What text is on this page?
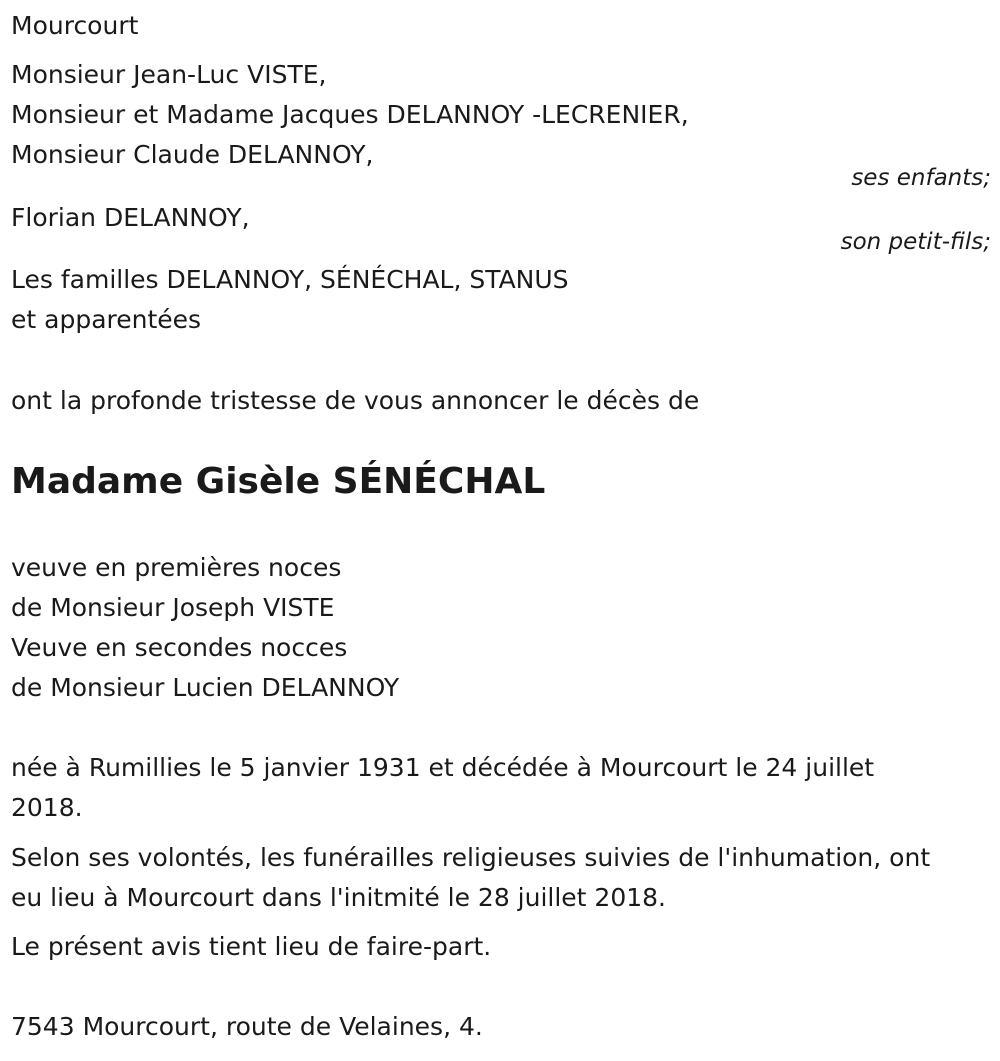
Mourcourt

Monsieur Jean-Luc VISTE,

Monsieur et Madame Jacques DELANNOY -LECRENIER,

Monsieur Claude DELANNOY,

ses enfants;

Florian DELANNOY,

son petit-fils;

Les familles DELANNOY, SÉNÉCHAL, STANUS

et apparentées

ont la profonde tristesse de vous annoncer le décès de

Madame Gisèle SÉNÉCHAL

veuve en premières noces

de Monsieur Joseph VISTE

Veuve en secondes nocces

de Monsieur Lucien DELANNOY

née à Rumillies le 5 janvier 1931 et décédée à Mourcourt le 24 juillet

2018.

Selon ses volontés, les funérailles religieuses suivies de l'inhumation, ont

eu lieu à Mourcourt dans l'initmité le 28 juillet 2018.

Le présent avis tient lieu de faire-part.

7543 Mourcourt, route de Velaines, 4.
